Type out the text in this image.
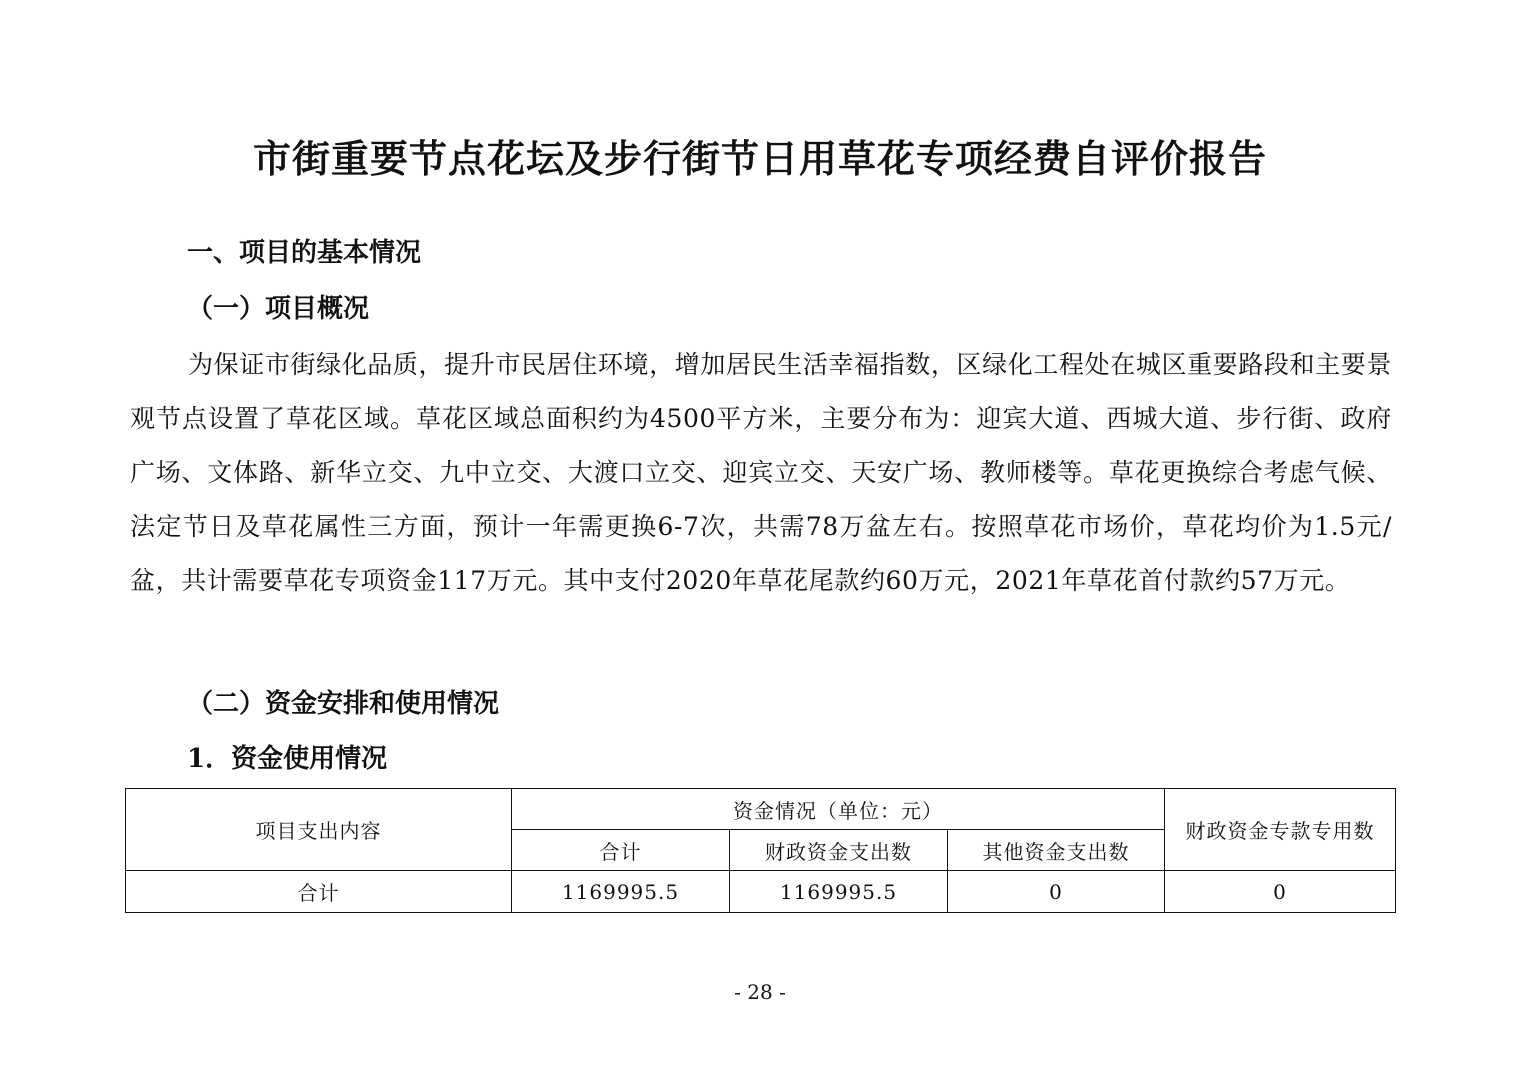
市街重要节点花坛及步行街节日用草花专项经费自评价报告
一、项目的基本情况
（一）项目概况

为保证市街绿化品质，提升市民居住环境，增加居民生活幸福指数，区绿化工程处在城区重要路段和主要景观节点设置了草花区域。草花区域总面积约为4500平方米，主要分布为：迎宾大道、西城大道、步行街、政府广场、文体路、新华立交、九中立交、大渡口立交、迎宾立交、天安广场、教师楼等。草花更换综合考虑气候、法定节日及草花属性三方面，预计一年需更换6-7次，共需78万盆左右。按照草花市场价，草花均价为1.5元/盆，共计需要草花专项资金117万元。其中支付2020年草花尾款约60万元，2021年草花首付款约57万元。

（二）资金安排和使用情况
1．资金使用情况
项目支出内容	资金情况（单位：元）			财政资金专款专用数
	合计	财政资金支出数	其他资金支出数	
合计	1169995.5	1169995.5	0	0

- 28 -
